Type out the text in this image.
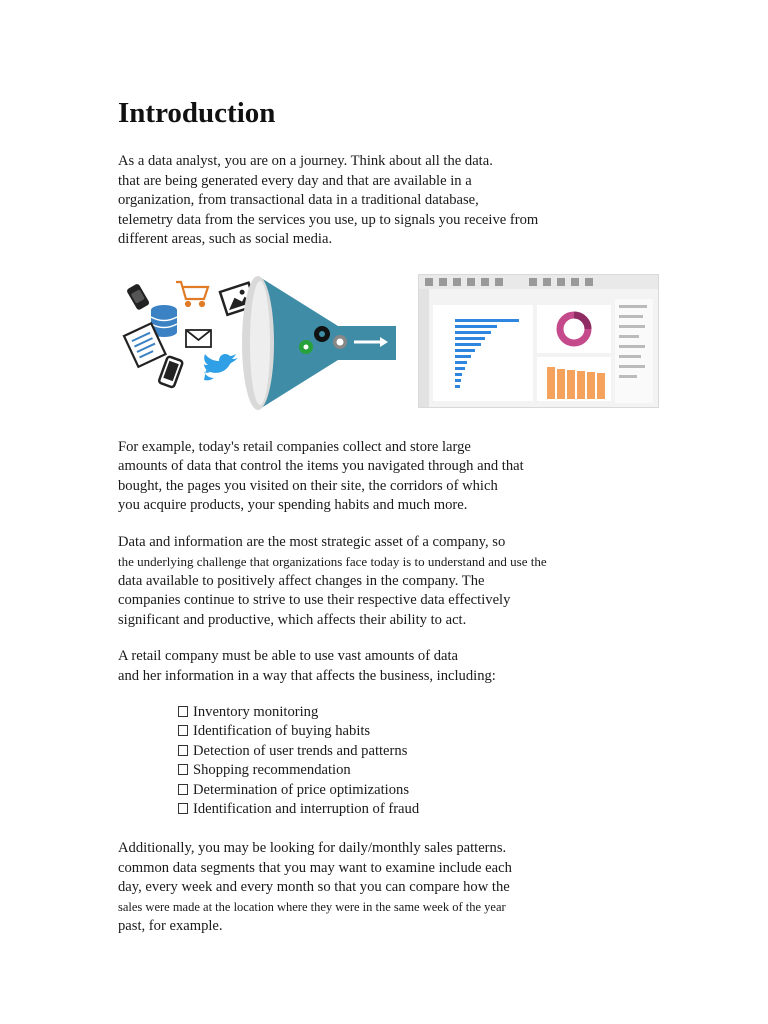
Introduction

As a data analyst, you are on a journey. Think about all the data.
that are being generated every day and that are available in a
organization, from transactional data in a traditional database,
telemetry data from the services you use, up to signals you receive from
different areas, such as social media.

For example, today's retail companies collect and store large
amounts of data that control the items you navigated through and that
bought, the pages you visited on their site, the corridors of which
you acquire products, your spending habits and much more.

Data and information are the most strategic asset of a company, so
the underlying challenge that organizations face today is to understand and use the
data available to positively affect changes in the company. The
companies continue to strive to use their respective data effectively
significant and productive, which affects their ability to act.

A retail company must be able to use vast amounts of data
and her information in a way that affects the business, including:

Inventory monitoring
Identification of buying habits
Detection of user trends and patterns
Shopping recommendation
Determination of price optimizations
Identification and interruption of fraud

Additionally, you may be looking for daily/monthly sales patterns.
common data segments that you may want to examine include each
day, every week and every month so that you can compare how the
sales were made at the location where they were in the same week of the year
past, for example.
